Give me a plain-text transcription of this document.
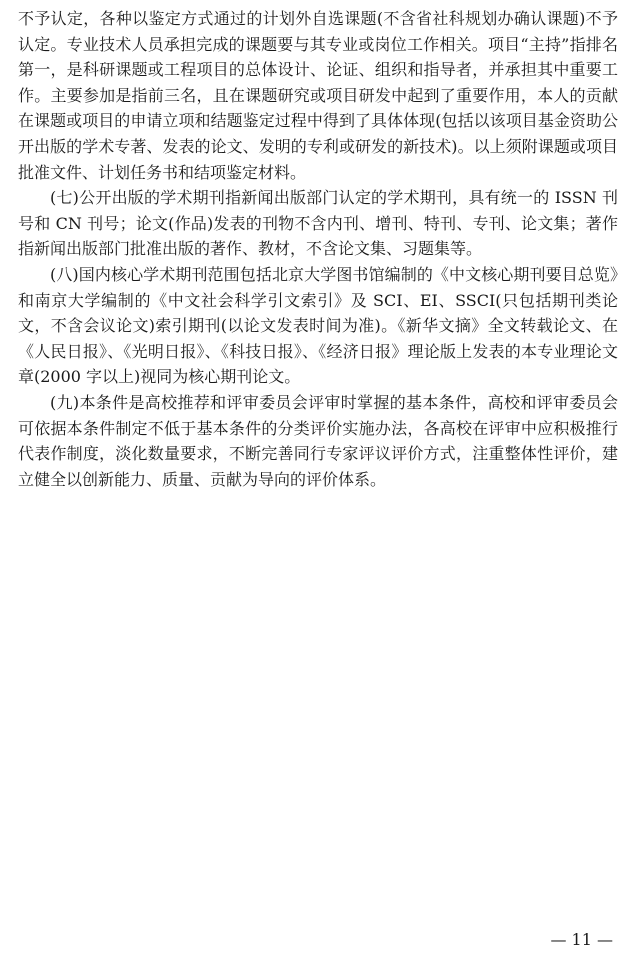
不予认定，各种以鉴定方式通过的计划外自选课题(不含省社科规划办确认课题)不予认定。专业技术人员承担完成的课题要与其专业或岗位工作相关。项目“主持”指排名第一，是科研课题或工程项目的总体设计、论证、组织和指导者，并承担其中重要工作。主要参加是指前三名，且在课题研究或项目研发中起到了重要作用，本人的贡献在课题或项目的申请立项和结题鉴定过程中得到了具体体现(包括以该项目基金资助公开出版的学术专著、发表的论文、发明的专利或研发的新技术)。以上须附课题或项目批准文件、计划任务书和结项鉴定材料。

(七)公开出版的学术期刊指新闻出版部门认定的学术期刊，具有统一的 ISSN 刊号和 CN 刊号；论文(作品)发表的刊物不含内刊、增刊、特刊、专刊、论文集；著作指新闻出版部门批准出版的著作、教材，不含论文集、习题集等。

(八)国内核心学术期刊范围包括北京大学图书馆编制的《中文核心期刊要目总览》和南京大学编制的《中文社会科学引文索引》及 SCI、EI、SSCI(只包括期刊类论文，不含会议论文)索引期刊(以论文发表时间为准)。《新华文摘》全文转载论文、在《人民日报》、《光明日报》、《科技日报》、《经济日报》理论版上发表的本专业理论文章(2000 字以上)视同为核心期刊论文。

(九)本条件是高校推荐和评审委员会评审时掌握的基本条件，高校和评审委员会可依据本条件制定不低于基本条件的分类评价实施办法，各高校在评审中应积极推行代表作制度，淡化数量要求，不断完善同行专家评议评价方式，注重整体性评价，建立健全以创新能力、质量、贡献为导向的评价体系。

— 11 —
